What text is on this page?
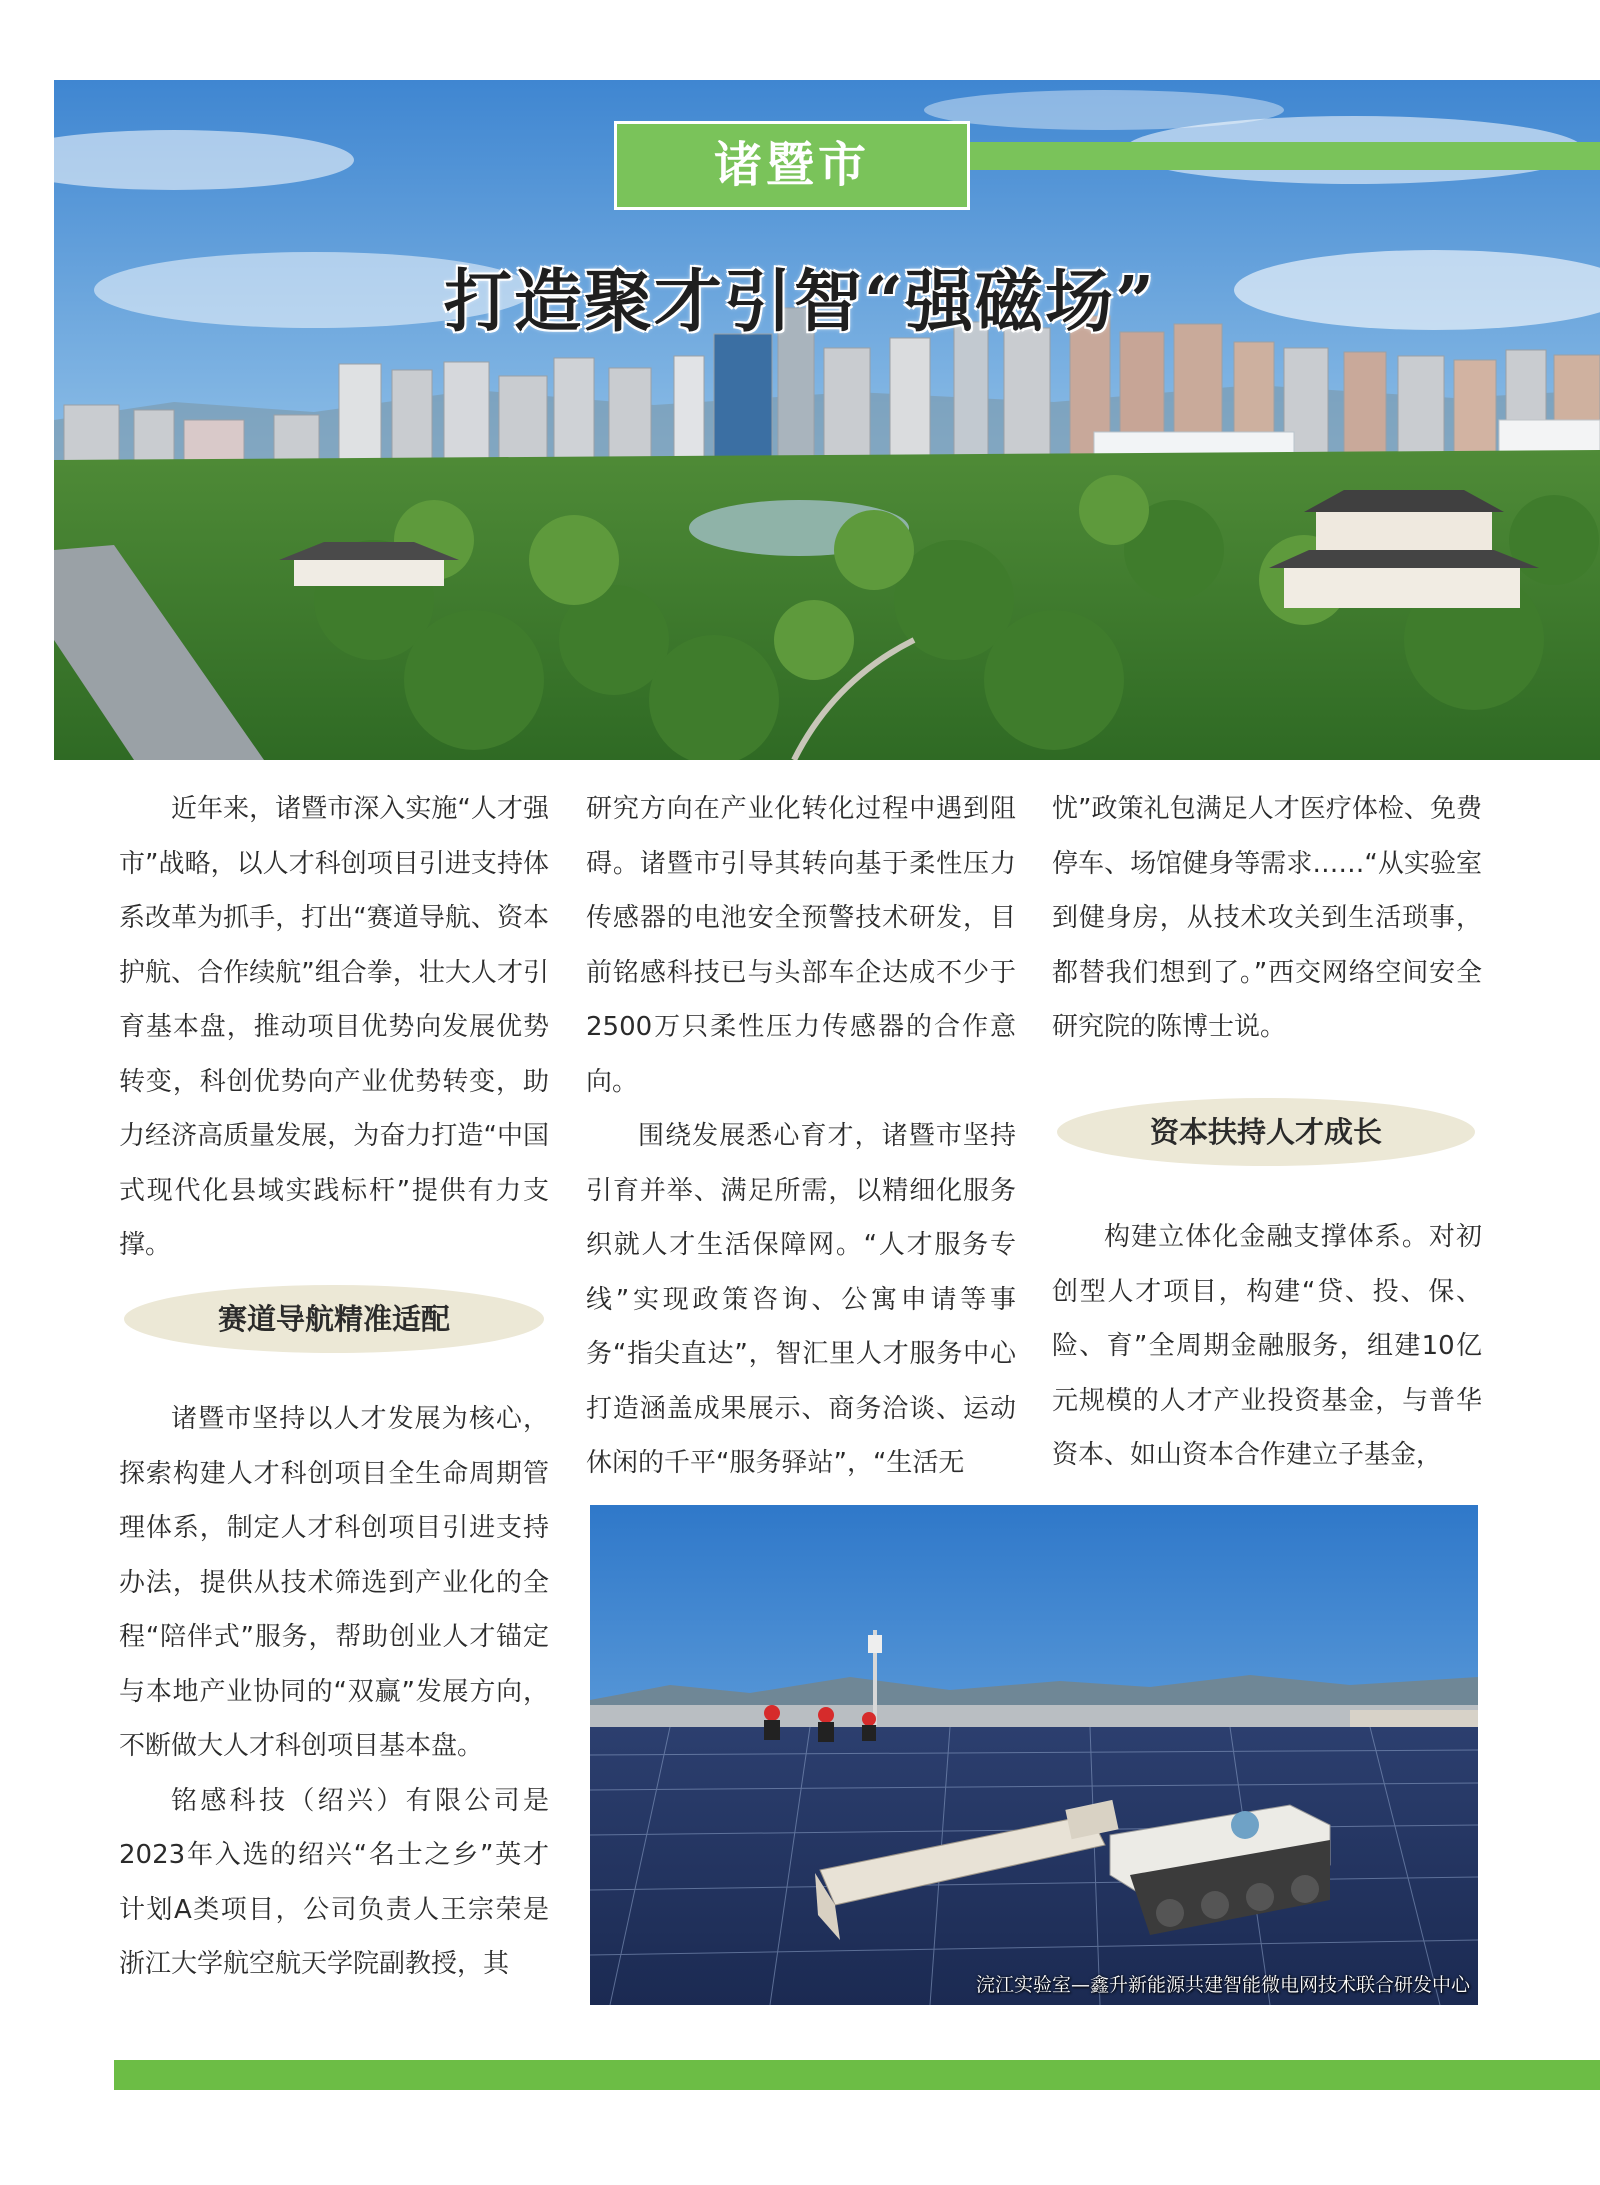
诸暨市
打造聚才引智“强磁场”

近年来，诸暨市深入实施“人才强市”战略，以人才科创项目引进支持体系改革为抓手，打出“赛道导航、资本护航、合作续航”组合拳，壮大人才引育基本盘，推动项目优势向发展优势转变，科创优势向产业优势转变，助力经济高质量发展，为奋力打造“中国式现代化县域实践标杆”提供有力支撑。

赛道导航精准适配

诸暨市坚持以人才发展为核心，探索构建人才科创项目全生命周期管理体系，制定人才科创项目引进支持办法，提供从技术筛选到产业化的全程“陪伴式”服务，帮助创业人才锚定与本地产业协同的“双赢”发展方向，不断做大人才科创项目基本盘。

铭感科技（绍兴）有限公司是2023年入选的绍兴“名士之乡”英才计划A类项目，公司负责人王宗荣是浙江大学航空航天学院副教授，其

研究方向在产业化转化过程中遇到阻碍。诸暨市引导其转向基于柔性压力传感器的电池安全预警技术研发，目前铭感科技已与头部车企达成不少于2500万只柔性压力传感器的合作意向。

围绕发展悉心育才，诸暨市坚持引育并举、满足所需，以精细化服务织就人才生活保障网。“人才服务专线”实现政策咨询、公寓申请等事务“指尖直达”，智汇里人才服务中心打造涵盖成果展示、商务洽谈、运动休闲的千平“服务驿站”，“生活无

忧”政策礼包满足人才医疗体检、免费停车、场馆健身等需求……“从实验室到健身房，从技术攻关到生活琐事，都替我们想到了。”西交网络空间安全研究院的陈博士说。

资本扶持人才成长

构建立体化金融支撑体系。对初创型人才项目，构建“贷、投、保、险、育”全周期金融服务，组建10亿元规模的人才产业投资基金，与普华资本、如山资本合作建立子基金，

浣江实验室—鑫升新能源共建智能微电网技术联合研发中心
